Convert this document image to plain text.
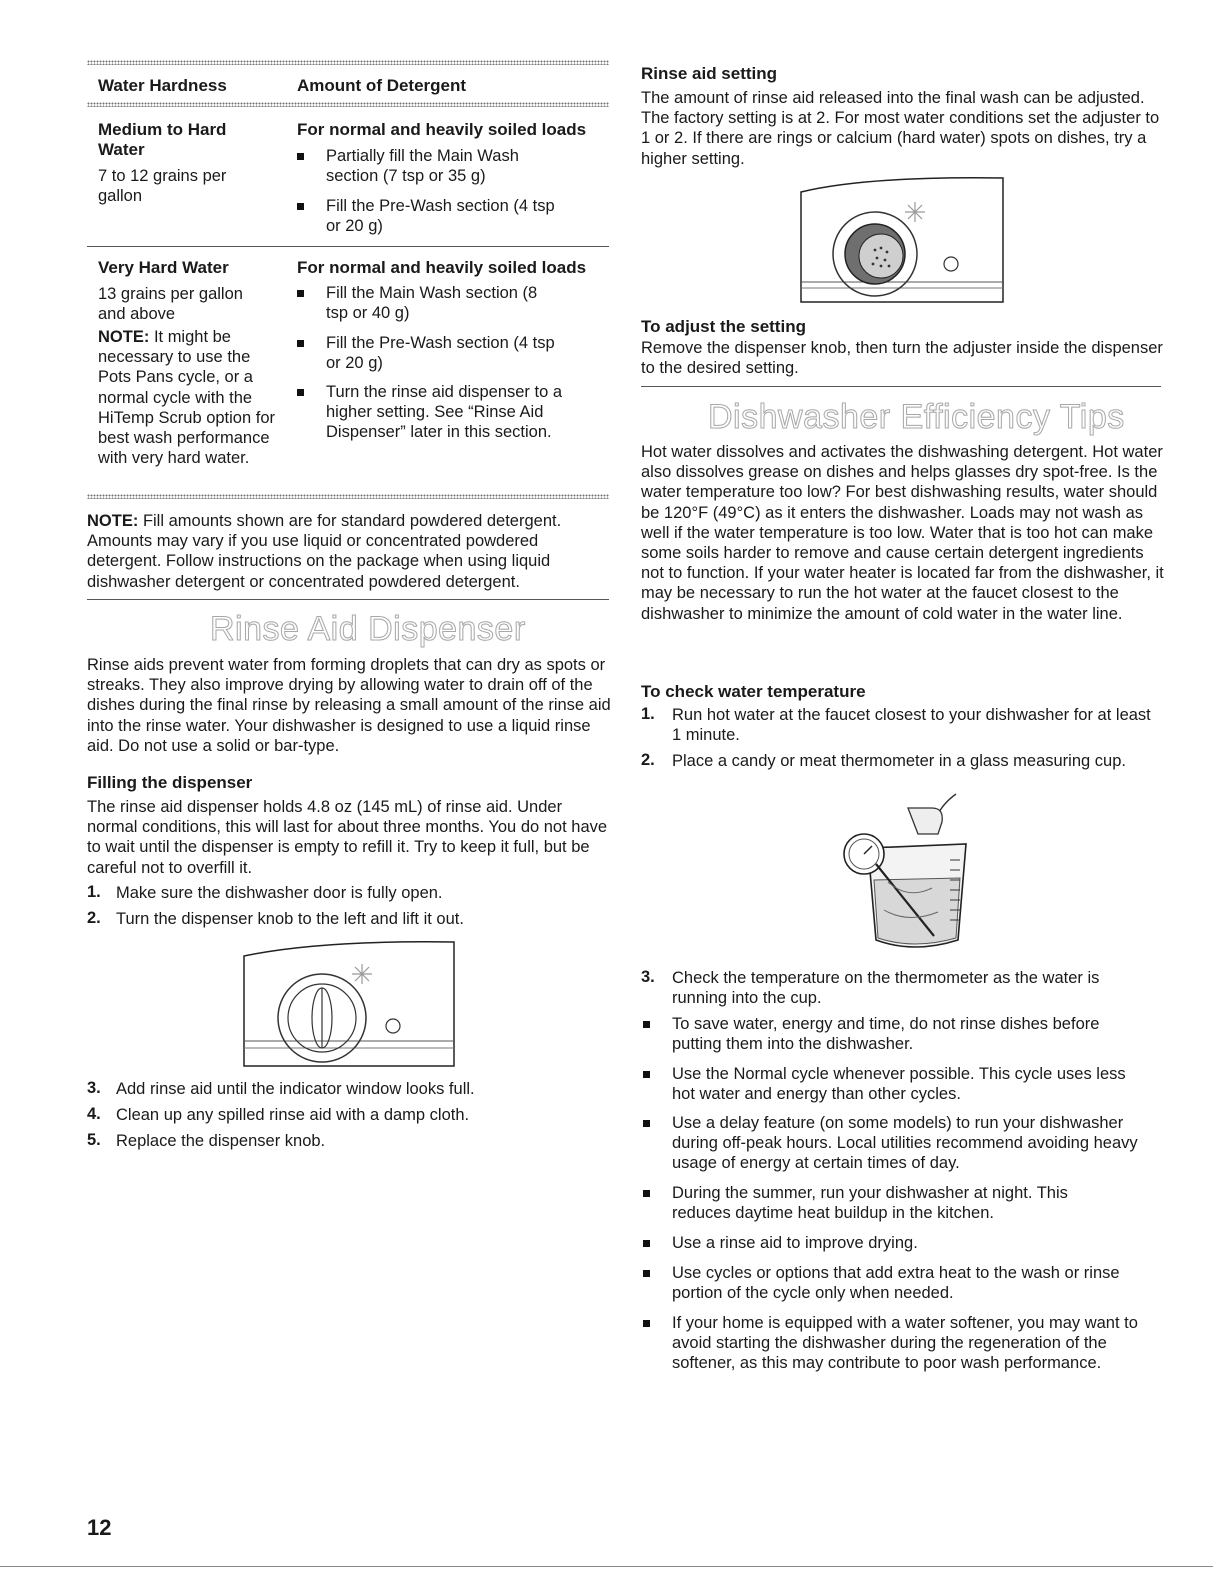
Water Hardness	Amount of Detergent
Medium to Hard Water
7 to 12 grains per gallon
For normal and heavily soiled loads
Partially fill the Main Wash section (7 tsp or 35 g)
Fill the Pre-Wash section (4 tsp or 20 g)
Very Hard Water
13 grains per gallon and above
NOTE: It might be necessary to use the Pots Pans cycle, or a normal cycle with the HiTemp Scrub option for best wash performance with very hard water.
For normal and heavily soiled loads
Fill the Main Wash section (8 tsp or 40 g)
Fill the Pre-Wash section (4 tsp or 20 g)
Turn the rinse aid dispenser to a higher setting. See “Rinse Aid Dispenser” later in this section.
NOTE: Fill amounts shown are for standard powdered detergent. Amounts may vary if you use liquid or concentrated powdered detergent. Follow instructions on the package when using liquid dishwasher detergent or concentrated powdered detergent.
Rinse Aid Dispenser
Rinse aids prevent water from forming droplets that can dry as spots or streaks. They also improve drying by allowing water to drain off of the dishes during the final rinse by releasing a small amount of the rinse aid into the rinse water. Your dishwasher is designed to use a liquid rinse aid. Do not use a solid or bar-type.
Filling the dispenser
The rinse aid dispenser holds 4.8 oz (145 mL) of rinse aid. Under normal conditions, this will last for about three months. You do not have to wait until the dispenser is empty to refill it. Try to keep it full, but be careful not to overfill it.
1. Make sure the dishwasher door is fully open.
2. Turn the dispenser knob to the left and lift it out.
3. Add rinse aid until the indicator window looks full.
4. Clean up any spilled rinse aid with a damp cloth.
5. Replace the dispenser knob.
12
Rinse aid setting
The amount of rinse aid released into the final wash can be adjusted. The factory setting is at 2. For most water conditions set the adjuster to 1 or 2. If there are rings or calcium (hard water) spots on dishes, try a higher setting.
To adjust the setting
Remove the dispenser knob, then turn the adjuster inside the dispenser to the desired setting.
Dishwasher Efficiency Tips
Hot water dissolves and activates the dishwashing detergent. Hot water also dissolves grease on dishes and helps glasses dry spot-free. Is the water temperature too low? For best dishwashing results, water should be 120°F (49°C) as it enters the dishwasher. Loads may not wash as well if the water temperature is too low. Water that is too hot can make some soils harder to remove and cause certain detergent ingredients not to function. If your water heater is located far from the dishwasher, it may be necessary to run the hot water at the faucet closest to the dishwasher to minimize the amount of cold water in the water line.
To check water temperature
1. Run hot water at the faucet closest to your dishwasher for at least 1 minute.
2. Place a candy or meat thermometer in a glass measuring cup.
3. Check the temperature on the thermometer as the water is running into the cup.
To save water, energy and time, do not rinse dishes before putting them into the dishwasher.
Use the Normal cycle whenever possible. This cycle uses less hot water and energy than other cycles.
Use a delay feature (on some models) to run your dishwasher during off-peak hours. Local utilities recommend avoiding heavy usage of energy at certain times of day.
During the summer, run your dishwasher at night. This reduces daytime heat buildup in the kitchen.
Use a rinse aid to improve drying.
Use cycles or options that add extra heat to the wash or rinse portion of the cycle only when needed.
If your home is equipped with a water softener, you may want to avoid starting the dishwasher during the regeneration of the softener, as this may contribute to poor wash performance.
